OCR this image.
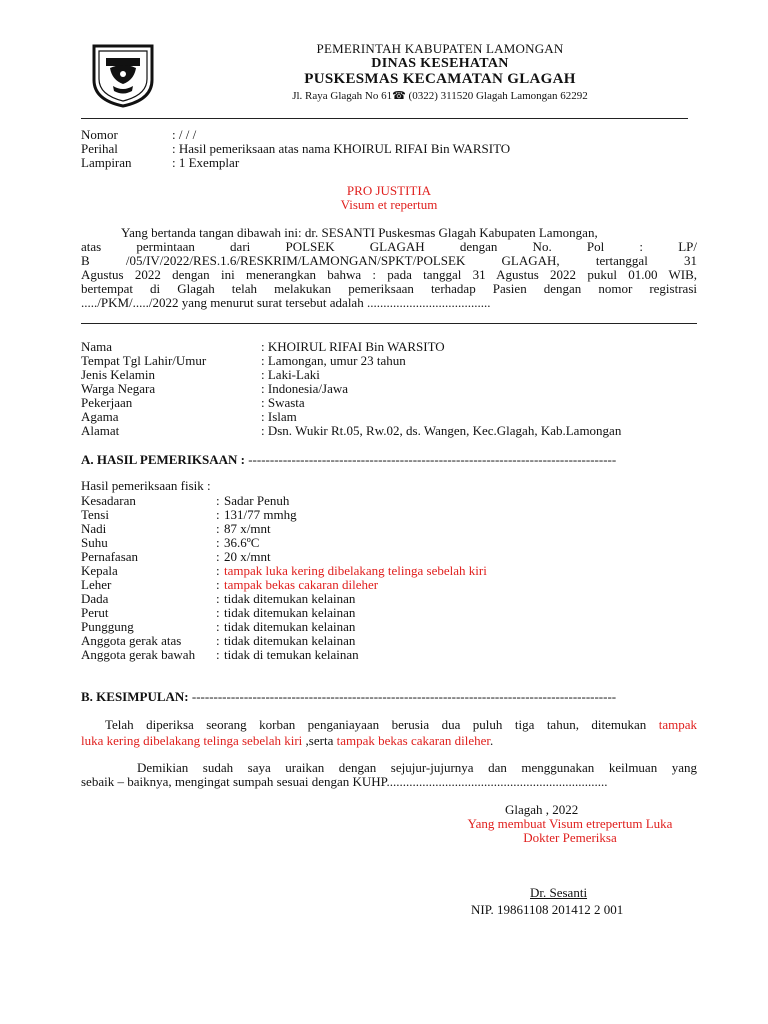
PEMERINTAH KABUPATEN LAMONGAN
DINAS KESEHATAN
PUSKESMAS KECAMATAN GLAGAH
Jl. Raya Glagah No 61☎ (0322) 311520 Glagah Lamongan 62292
Nomor	: / / /
Perihal	: Hasil pemeriksaan atas nama KHOIRUL RIFAI Bin WARSITO
Lampiran	: 1 Exemplar
PRO JUSTITIA
Visum et repertum
Yang bertanda tangan dibawah ini: dr. SESANTI Puskesmas Glagah Kabupaten Lamongan,
atas permintaan dari POLSEK GLAGAH dengan No. Pol : LP/
B /05/IV/2022/RES.1.6/RESKRIM/LAMONGAN/SPKT/POLSEK GLAGAH, tertanggal 31
Agustus 2022 dengan ini menerangkan bahwa : pada tanggal 31 Agustus 2022 pukul 01.00 WIB,
bertempat di Glagah telah melakukan pemeriksaan terhadap Pasien dengan nomor registrasi
...../PKM/...../2022 yang menurut surat tersebut adalah ......................................
Nama	: KHOIRUL RIFAI Bin WARSITO
Tempat Tgl Lahir/Umur	: Lamongan, umur 23 tahun
Jenis Kelamin	: Laki-Laki
Warga Negara	: Indonesia/Jawa
Pekerjaan	: Swasta
Agama	: Islam
Alamat	: Dsn. Wukir Rt.05, Rw.02, ds. Wangen, Kec.Glagah, Kab.Lamongan
A. HASIL PEMERIKSAAN : -------------------------------------------------------------------------------------
Hasil pemeriksaan fisik :
Kesadaran	: Sadar Penuh
Tensi	: 131/77 mmhg
Nadi	: 87 x/mnt
Suhu	: 36.6ºC
Pernafasan	: 20 x/mnt
Kepala	: tampak luka kering dibelakang telinga sebelah kiri
Leher	: tampak bekas cakaran dileher
Dada	: tidak ditemukan kelainan
Perut	: tidak ditemukan kelainan
Punggung	: tidak ditemukan kelainan
Anggota gerak atas	: tidak ditemukan kelainan
Anggota gerak bawah : tidak di temukan kelainan
B. KESIMPULAN: --------------------------------------------------------------------------------------------------
Telah diperiksa seorang korban penganiayaan berusia dua puluh tiga tahun, ditemukan tampak
luka kering dibelakang telinga sebelah kiri ,serta tampak bekas cakaran dileher.
Demikian sudah saya uraikan dengan sejujur-jujurnya dan menggunakan keilmuan yang
sebaik – baiknya, mengingat sumpah sesuai dengan KUHP....................................................................
Glagah , 2022
Yang membuat Visum etrepertum Luka
Dokter Pemeriksa
Dr. Sesanti
NIP. 19861108 201412 2 001
